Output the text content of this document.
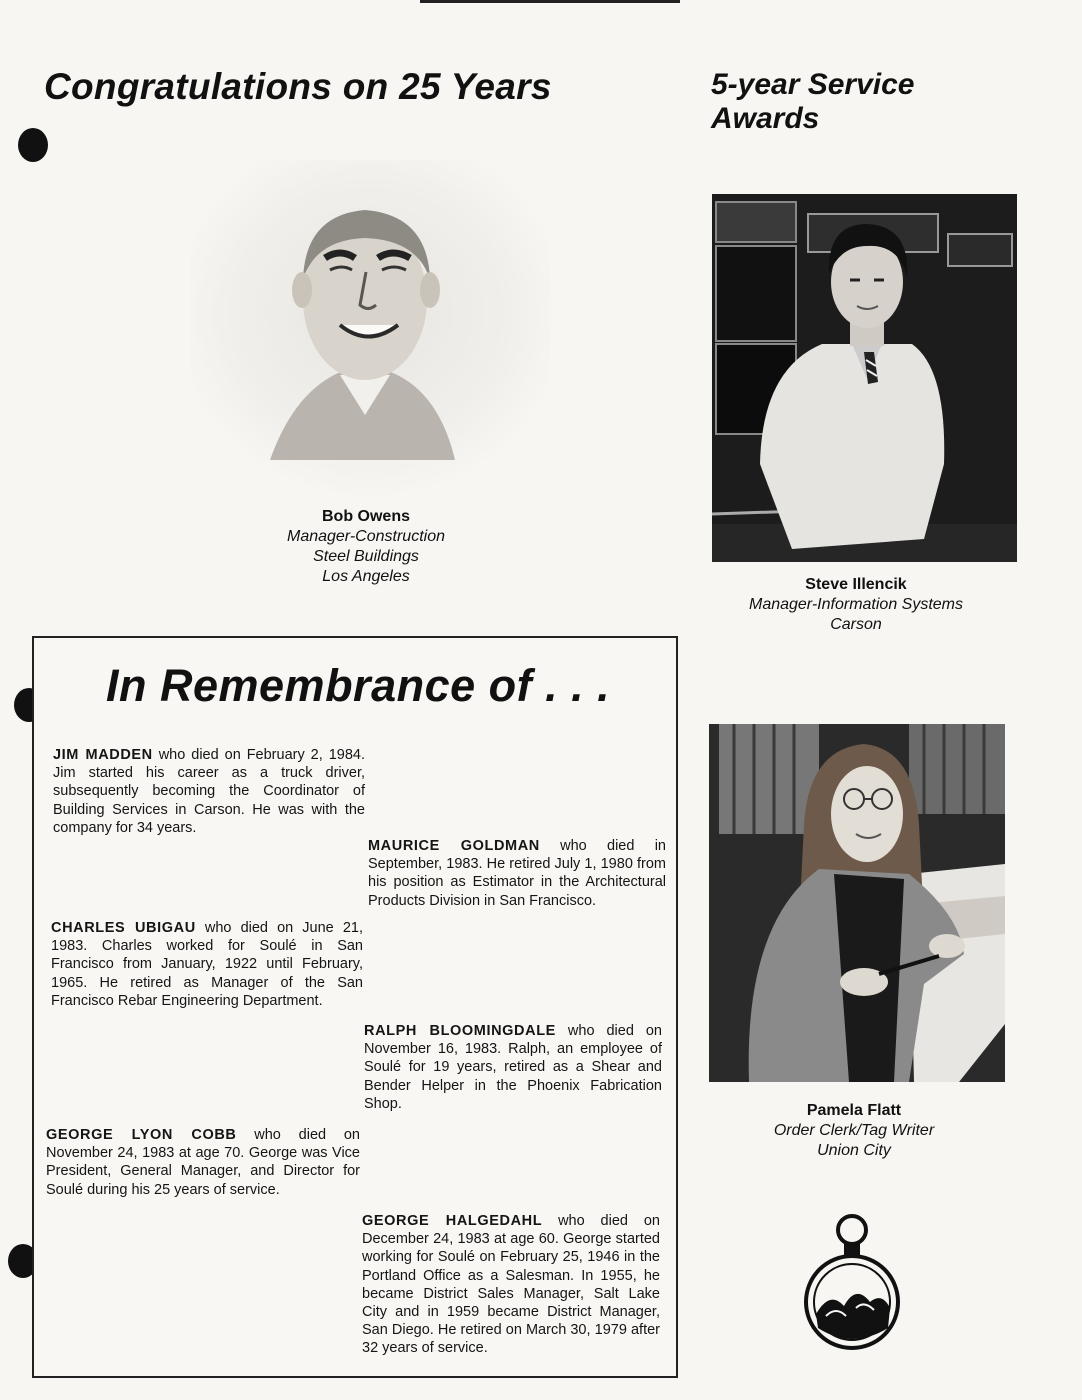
Congratulations on 25 Years	5-year Service Awards
Bob Owens
Manager-Construction
Steel Buildings
Los Angeles	Steve Illencik
Manager-Information Systems
Carson
Pamela Flatt
Order Clerk/Tag Writer
Union City
In Remembrance of . . .
JIM MADDEN who died on February 2, 1984. Jim started his career as a truck driver, subsequently becoming the Coordinator of Building Services in Carson. He was with the company for 34 years.
MAURICE GOLDMAN who died in September, 1983. He retired July 1, 1980 from his position as Estimator in the Architectural Products Division in San Francisco.
CHARLES UBIGAU who died on June 21, 1983. Charles worked for Soulé in San Francisco from January, 1922 until February, 1965. He retired as Manager of the San Francisco Rebar Engineering Department.
RALPH BLOOMINGDALE who died on November 16, 1983. Ralph, an employee of Soulé for 19 years, retired as a Shear and Bender Helper in the Phoenix Fabrication Shop.
GEORGE LYON COBB who died on November 24, 1983 at age 70. George was Vice President, General Manager, and Director for Soulé during his 25 years of service.
GEORGE HALGEDAHL who died on December 24, 1983 at age 60. George started working for Soulé on February 25, 1946 in the Portland Office as a Salesman. In 1955, he became District Sales Manager, Salt Lake City and in 1959 became District Manager, San Diego. He retired on March 30, 1979 after 32 years of service.
